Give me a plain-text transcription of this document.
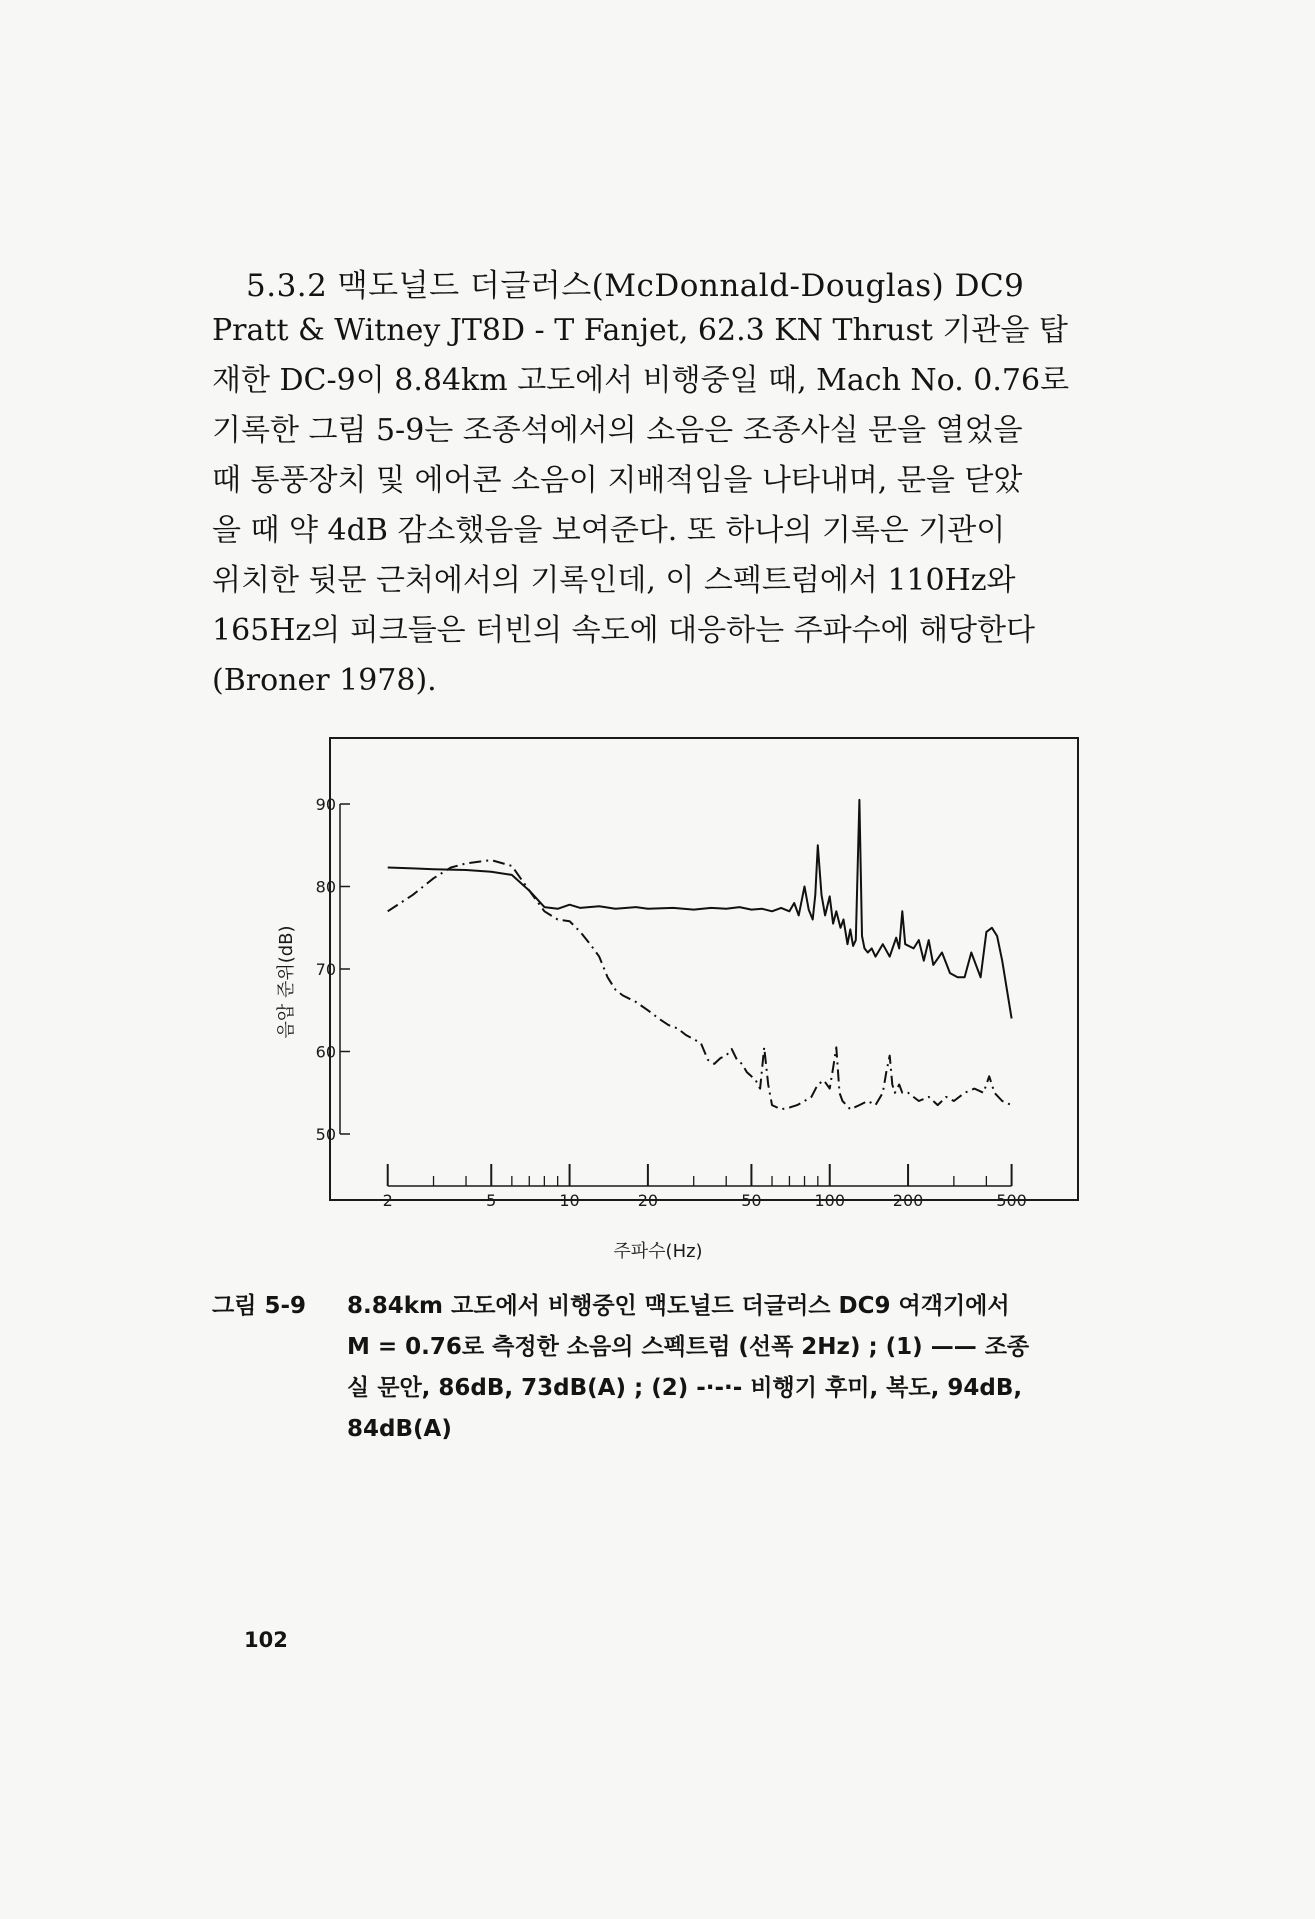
5.3.2 맥도널드 더글러스(McDonnald-Douglas) DC9
Pratt & Witney JT8D - T Fanjet, 62.3 KN Thrust 기관을 탑
재한 DC-9이 8.84km 고도에서 비행중일 때, Mach No. 0.76로
기록한 그림 5-9는 조종석에서의 소음은 조종사실 문을 열었을
때 통풍장치 및 에어콘 소음이 지배적임을 나타내며, 문을 닫았
을 때 약 4dB 감소했음을 보여준다. 또 하나의 기록은 기관이
위치한 뒷문 근처에서의 기록인데, 이 스펙트럼에서 110Hz와
165Hz의 피크들은 터빈의 속도에 대응하는 주파수에 해당한다
(Broner 1978).
50
60
70
80
90
2	5	10	20	50	100	200	500
음압 준위(dB)
주파수(Hz)
그림 5-9 8.84km 고도에서 비행중인 맥도널드 더글러스 DC9 여객기에서
M = 0.76로 측정한 소음의 스펙트럼 (선폭 2Hz) ; (1) —— 조종
실 문안, 86dB, 73dB(A) ; (2) -·-·- 비행기 후미, 복도, 94dB,
84dB(A)
102
